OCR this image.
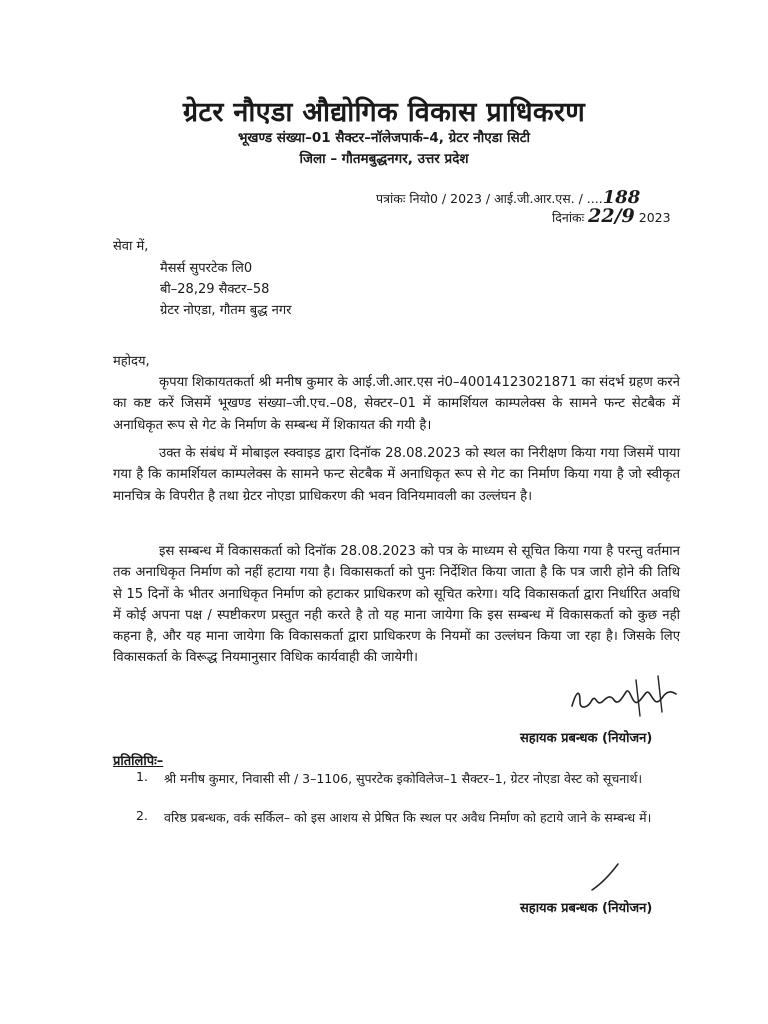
ग्रेटर नौएडा औद्योगिक विकास प्राधिकरण
भूखण्ड संख्या–01 सैक्टर–नॉलेजपार्क–4, ग्रेटर नौएडा सिटी
जिला – गौतमबुद्धनगर, उत्तर प्रदेश
पत्रांकः नियो0 / 2023 / आई.जी.आर.एस. / ....188
दिनांकः 22/9 2023
सेवा में,
मैसर्स सुपरटेक लि0
बी–28,29 सैक्टर–58
ग्रेटर नोएडा, गौतम बुद्ध नगर
महोदय,
कृपया शिकायतकर्ता श्री मनीष कुमार के आई.जी.आर.एस नं0–40014123021871 का संदर्भ ग्रहण करने का कष्ट करें जिसमें भूखण्ड संख्या–जी.एच.–08, सेक्टर–01 में कामर्शियल काम्पलेक्स के सामने फन्ट सेटबैक में अनाधिकृत रूप से गेट के निर्माण के सम्बन्ध में शिकायत की गयी है।
उक्त के संबंध में मोबाइल स्क्वाइड द्वारा दिनॉक 28.08.2023 को स्थल का निरीक्षण किया गया जिसमें पाया गया है कि कामर्शियल काम्पलेक्स के सामने फन्ट सेटबैक में अनाधिकृत रूप से गेट का निर्माण किया गया है जो स्वीकृत मानचित्र के विपरीत है तथा ग्रेटर नोएडा प्राधिकरण की भवन विनियमावली का उल्लंघन है।
इस सम्बन्ध में विकासकर्ता को दिनॉक 28.08.2023 को पत्र के माध्यम से सूचित किया गया है परन्तु वर्तमान तक अनाधिकृत निर्माण को नहीं हटाया गया है। विकासकर्ता को पुनः निर्देशित किया जाता है कि पत्र जारी होने की तिथि से 15 दिनों के भीतर अनाधिकृत निर्माण को हटाकर प्राधिकरण को सूचित करेगा। यदि विकासकर्ता द्वारा निर्धारित अवधि में कोई अपना पक्ष / स्पष्टीकरण प्रस्तुत नही करते है तो यह माना जायेगा कि इस सम्बन्ध में विकासकर्ता को कुछ नही कहना है, और यह माना जायेगा कि विकासकर्ता द्वारा प्राधिकरण के नियमों का उल्लंघन किया जा रहा है। जिसके लिए विकासकर्ता के विरूद्ध नियमानुसार विधिक कार्यवाही की जायेगी।
सहायक प्रबन्धक (नियोजन)
प्रतिलिपिः–
1. श्री मनीष कुमार, निवासी सी / 3–1106, सुपरटेक इकोविलेज–1 सैक्टर–1, ग्रेटर नोएडा वेस्ट को सूचनार्थ।
2. वरिष्ठ प्रबन्धक, वर्क सर्किल– को इस आशय से प्रेषित कि स्थल पर अवैध निर्माण को हटाये जाने के सम्बन्ध में।
सहायक प्रबन्धक (नियोजन)
